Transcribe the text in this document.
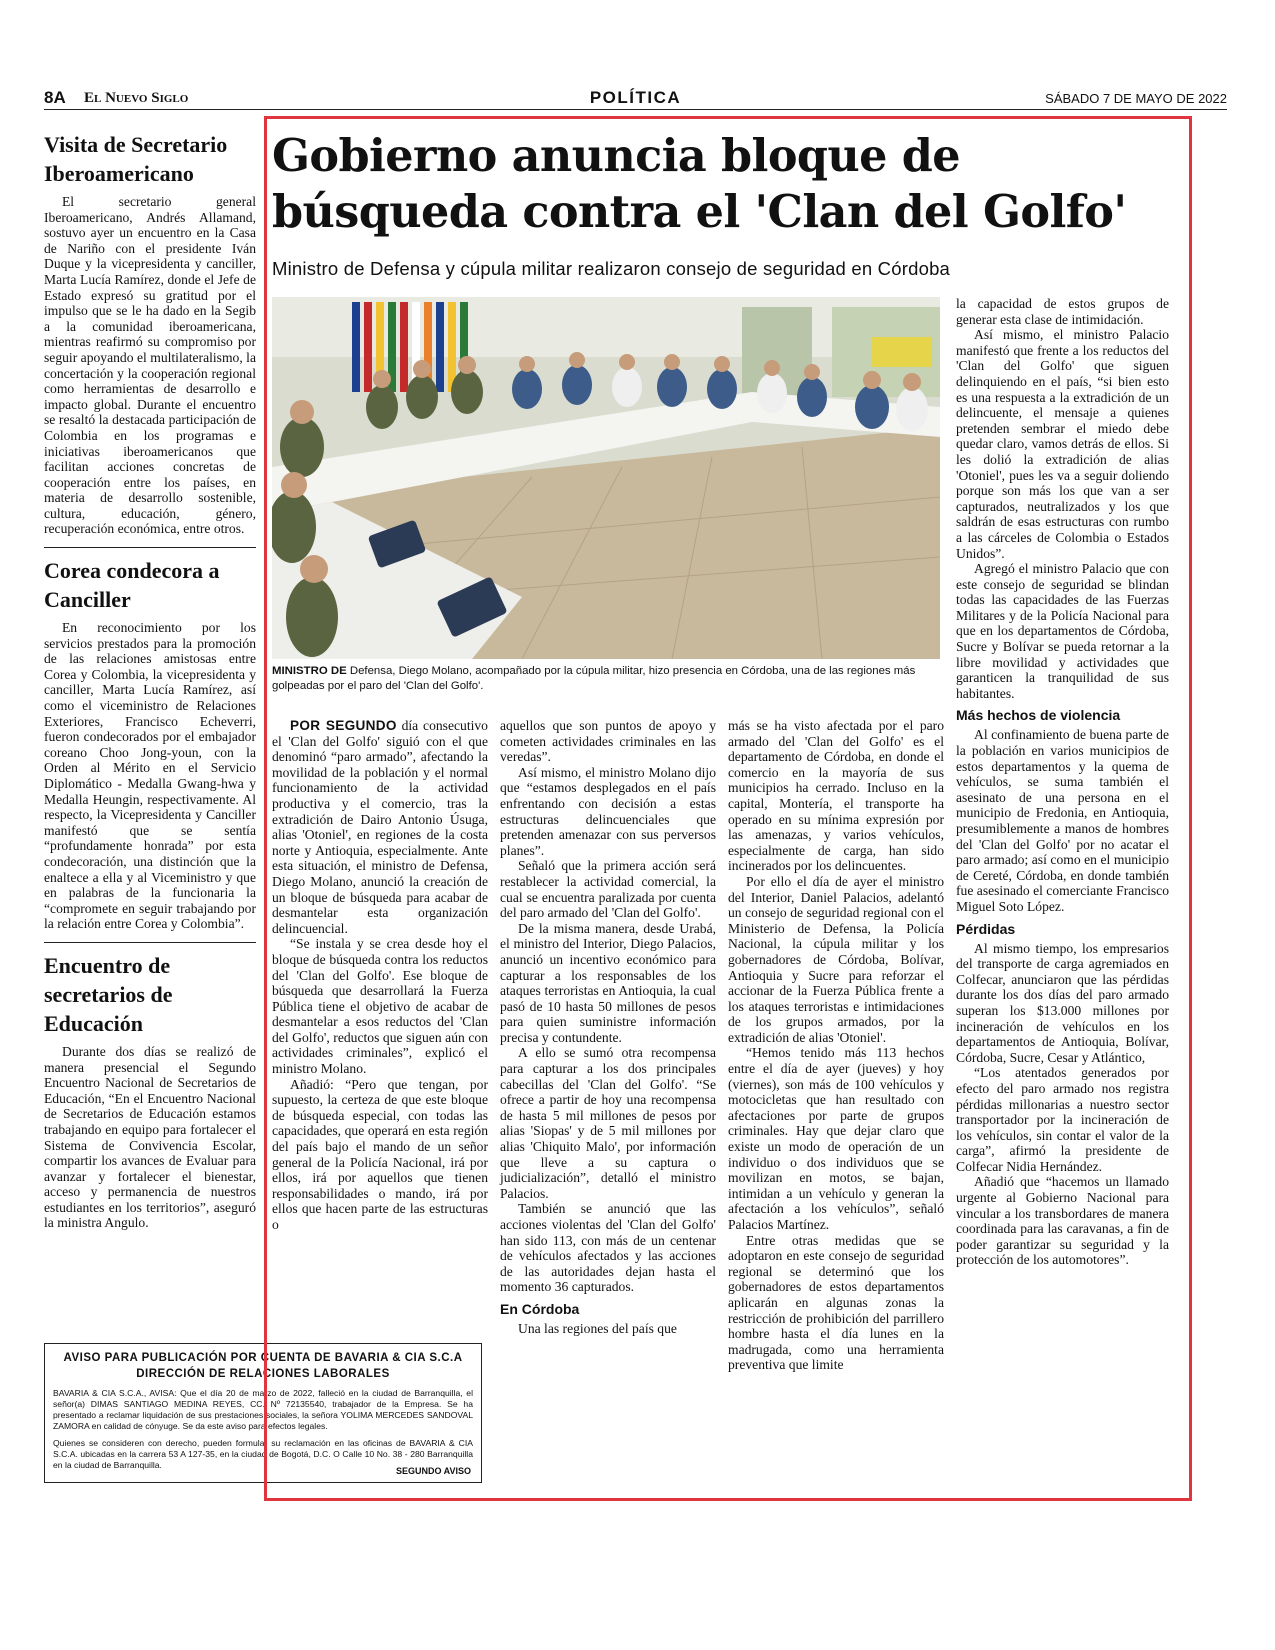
8A El Nuevo Siglo	POLÍTICA	SÁBADO 7 DE MAYO DE 2022
Visita de Secretario Iberoamericano

El secretario general Iberoamericano, Andrés Allamand, sostuvo ayer un encuentro en la Casa de Nariño con el presidente Iván Duque y la vicepresidenta y canciller, Marta Lucía Ramírez, donde el Jefe de Estado expresó su gratitud por el impulso que se le ha dado en la Segib a la comunidad iberoamericana, mientras reafirmó su compromiso por seguir apoyando el multilateralismo, la concertación y la cooperación regional como herramientas de desarrollo e impacto global. Durante el encuentro se resaltó la destacada participación de Colombia en los programas e iniciativas iberoamericanos que facilitan acciones concretas de cooperación entre los países, en materia de desarrollo sostenible, cultura, educación, género, recuperación económica, entre otros.

Corea condecora a Canciller

En reconocimiento por los servicios prestados para la promoción de las relaciones amistosas entre Corea y Colombia, la vicepresidenta y canciller, Marta Lucía Ramírez, así como el viceministro de Relaciones Exteriores, Francisco Echeverri, fueron condecorados por el embajador coreano Choo Jong-youn, con la Orden al Mérito en el Servicio Diplomático - Medalla Gwang-hwa y Medalla Heungin, respectivamente. Al respecto, la Vicepresidenta y Canciller manifestó que se sentía “profundamente honrada” por esta condecoración, una distinción que la enaltece a ella y al Viceministro y que en palabras de la funcionaria la “compromete en seguir trabajando por la relación entre Corea y Colombia”.

Encuentro de secretarios de Educación

Durante dos días se realizó de manera presencial el Segundo Encuentro Nacional de Secretarios de Educación, “En el Encuentro Nacional de Secretarios de Educación estamos trabajando en equipo para fortalecer el Sistema de Convivencia Escolar, compartir los avances de Evaluar para avanzar y fortalecer el bienestar, acceso y permanencia de nuestros estudiantes en los territorios”, aseguró la ministra Angulo.

AVISO PARA PUBLICACIÓN POR CUENTA DE BAVARIA & CIA S.C.A
DIRECCIÓN DE RELACIONES LABORALES

BAVARIA & CIA S.C.A., AVISA: Que el día 20 de marzo de 2022, falleció en la ciudad de Barranquilla, el señor(a) DIMAS SANTIAGO MEDINA REYES, CC. Nº 72135540, trabajador de la Empresa. Se ha presentado a reclamar liquidación de sus prestaciones sociales, la señora YOLIMA MERCEDES SANDOVAL ZAMORA en calidad de cónyuge. Se da este aviso para efectos legales.

Quienes se consideren con derecho, pueden formular su reclamación en las oficinas de BAVARIA & CIA S.C.A. ubicadas en la carrera 53 A 127-35, en la ciudad de Bogotá, D.C. O Calle 10 No. 38 - 280 Barranquilla en la ciudad de Barranquilla.

SEGUNDO AVISO
Gobierno anuncia bloque de búsqueda contra el 'Clan del Golfo'
Ministro de Defensa y cúpula militar realizaron consejo de seguridad en Córdoba

MINISTRO DE Defensa, Diego Molano, acompañado por la cúpula militar, hizo presencia en Córdoba, una de las regiones más golpeadas por el paro del 'Clan del Golfo'.

POR SEGUNDO día consecutivo el 'Clan del Golfo' siguió con el que denominó “paro armado”, afectando la movilidad de la población y el normal funcionamiento de la actividad productiva y el comercio, tras la extradición de Dairo Antonio Úsuga, alias 'Otoniel', en regiones de la costa norte y Antioquia, especialmente. Ante esta situación, el ministro de Defensa, Diego Molano, anunció la creación de un bloque de búsqueda para acabar de desmantelar esta organización delincuencial.

“Se instala y se crea desde hoy el bloque de búsqueda contra los reductos del 'Clan del Golfo'. Ese bloque de búsqueda que desarrollará la Fuerza Pública tiene el objetivo de acabar de desmantelar a esos reductos del 'Clan del Golfo', reductos que siguen aún con actividades criminales”, explicó el ministro Molano.

Añadió: “Pero que tengan, por supuesto, la certeza de que este bloque de búsqueda especial, con todas las capacidades, que operará en esta región del país bajo el mando de un señor general de la Policía Nacional, irá por ellos, irá por aquellos que tienen responsabilidades o mando, irá por ellos que hacen parte de las estructuras o

aquellos que son puntos de apoyo y cometen actividades criminales en las veredas”.

Así mismo, el ministro Molano dijo que “estamos desplegados en el país enfrentando con decisión a estas estructuras delincuenciales que pretenden amenazar con sus perversos planes”.

Señaló que la primera acción será restablecer la actividad comercial, la cual se encuentra paralizada por cuenta del paro armado del 'Clan del Golfo'.

De la misma manera, desde Urabá, el ministro del Interior, Diego Palacios, anunció un incentivo económico para capturar a los responsables de los ataques terroristas en Antioquia, la cual pasó de 10 hasta 50 millones de pesos para quien suministre información precisa y contundente.

A ello se sumó otra recompensa para capturar a los dos principales cabecillas del 'Clan del Golfo'. “Se ofrece a partir de hoy una recompensa de hasta 5 mil millones de pesos por alias 'Siopas' y de 5 mil millones por alias 'Chiquito Malo', por información que lleve a su captura o judicialización”, detalló el ministro Palacios.

También se anunció que las acciones violentas del 'Clan del Golfo' han sido 113, con más de un centenar de vehículos afectados y las acciones de las autoridades dejan hasta el momento 36 capturados.

En Córdoba

Una las regiones del país que

más se ha visto afectada por el paro armado del 'Clan del Golfo' es el departamento de Córdoba, en donde el comercio en la mayoría de sus municipios ha cerrado. Incluso en la capital, Montería, el transporte ha operado en su mínima expresión por las amenazas, y varios vehículos, especialmente de carga, han sido incinerados por los delincuentes.

Por ello el día de ayer el ministro del Interior, Daniel Palacios, adelantó un consejo de seguridad regional con el Ministerio de Defensa, la Policía Nacional, la cúpula militar y los gobernadores de Córdoba, Bolívar, Antioquia y Sucre para reforzar el accionar de la Fuerza Pública frente a los ataques terroristas e intimidaciones de los grupos armados, por la extradición de alias 'Otoniel'.

“Hemos tenido más 113 hechos entre el día de ayer (jueves) y hoy (viernes), son más de 100 vehículos y motocicletas que han resultado con afectaciones por parte de grupos criminales. Hay que dejar claro que existe un modo de operación de un individuo o dos individuos que se movilizan en motos, se bajan, intimidan a un vehículo y generan la afectación a los vehículos”, señaló Palacios Martínez.

Entre otras medidas que se adoptaron en este consejo de seguridad regional se determinó que los gobernadores de estos departamentos aplicarán en algunas zonas la restricción de prohibición del parrillero hombre hasta el día lunes en la madrugada, como una herramienta preventiva que limite

la capacidad de estos grupos de generar esta clase de intimidación.

Así mismo, el ministro Palacio manifestó que frente a los reductos del 'Clan del Golfo' que siguen delinquiendo en el país, “si bien esto es una respuesta a la extradición de un delincuente, el mensaje a quienes pretenden sembrar el miedo debe quedar claro, vamos detrás de ellos. Si les dolió la extradición de alias 'Otoniel', pues les va a seguir doliendo porque son más los que van a ser capturados, neutralizados y los que saldrán de esas estructuras con rumbo a las cárceles de Colombia o Estados Unidos”.

Agregó el ministro Palacio que con este consejo de seguridad se blindan todas las capacidades de las Fuerzas Militares y de la Policía Nacional para que en los departamentos de Córdoba, Sucre y Bolívar se pueda retornar a la libre movilidad y actividades que garanticen la tranquilidad de sus habitantes.

Más hechos de violencia

Al confinamiento de buena parte de la población en varios municipios de estos departamentos y la quema de vehículos, se suma también el asesinato de una persona en el municipio de Fredonia, en Antioquia, presumiblemente a manos de hombres del 'Clan del Golfo' por no acatar el paro armado; así como en el municipio de Cereté, Córdoba, en donde también fue asesinado el comerciante Francisco Miguel Soto López.

Pérdidas

Al mismo tiempo, los empresarios del transporte de carga agremiados en Colfecar, anunciaron que las pérdidas durante los dos días del paro armado superan los $13.000 millones por incineración de vehículos en los departamentos de Antioquia, Bolívar, Córdoba, Sucre, Cesar y Atlántico,

“Los atentados generados por efecto del paro armado nos registra pérdidas millonarias a nuestro sector transportador por la incineración de los vehículos, sin contar el valor de la carga”, afirmó la presidente de Colfecar Nidia Hernández.

Añadió que “hacemos un llamado urgente al Gobierno Nacional para vincular a los transbordares de manera coordinada para las caravanas, a fin de poder garantizar su seguridad y la protección de los automotores”.
